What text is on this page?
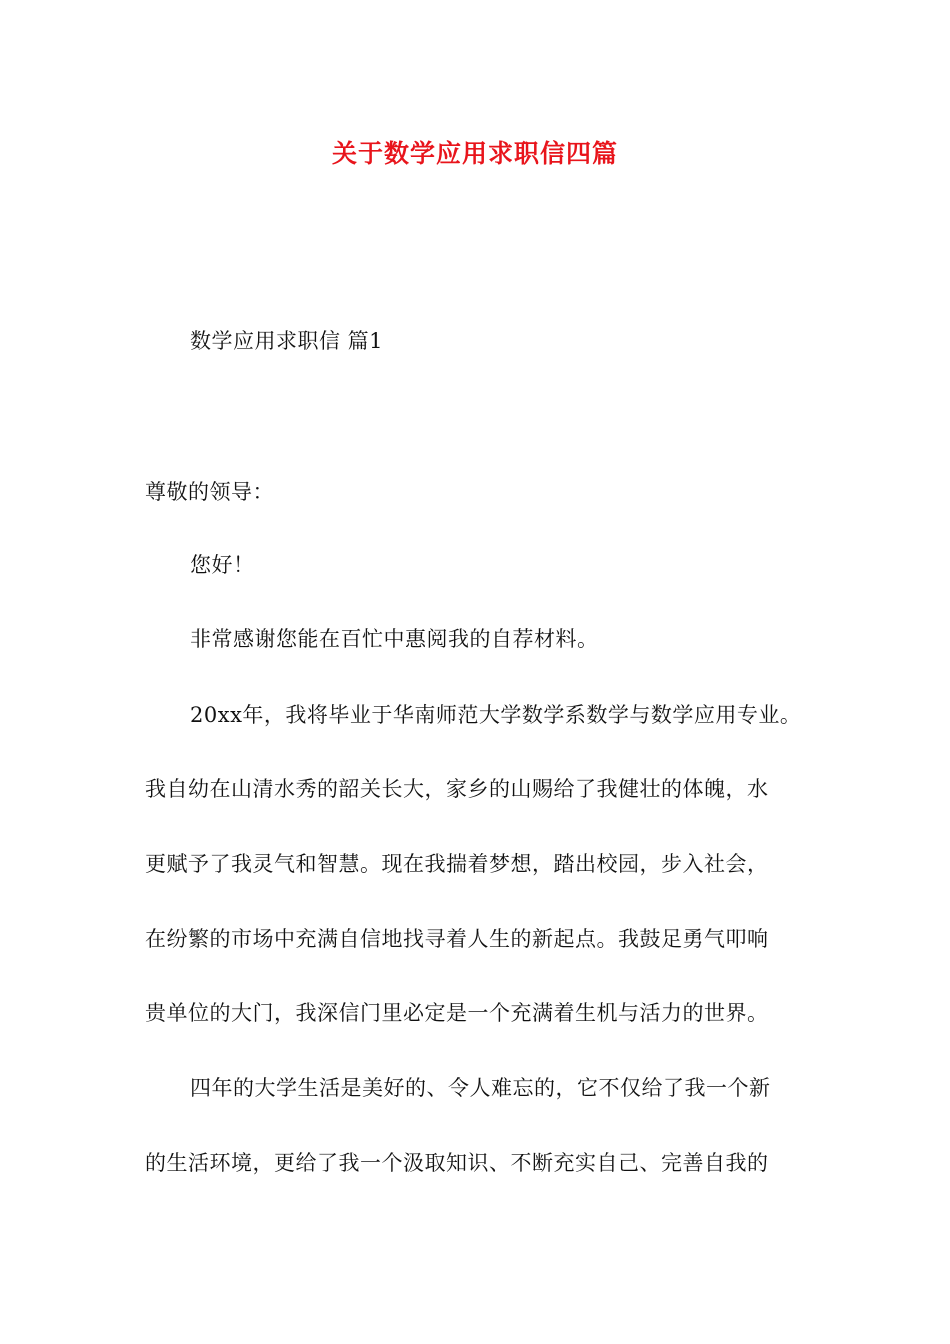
关于数学应用求职信四篇
数学应用求职信 篇1
尊敬的领导：
您好！
非常感谢您能在百忙中惠阅我的自荐材料。
20xx年，我将毕业于华南师范大学数学系数学与数学应用专业。
我自幼在山清水秀的韶关长大，家乡的山赐给了我健壮的体魄，水
更赋予了我灵气和智慧。现在我揣着梦想，踏出校园，步入社会，
在纷繁的市场中充满自信地找寻着人生的新起点。我鼓足勇气叩响
贵单位的大门，我深信门里必定是一个充满着生机与活力的世界。
四年的大学生活是美好的、令人难忘的，它不仅给了我一个新
的生活环境，更给了我一个汲取知识、不断充实自己、完善自我的
